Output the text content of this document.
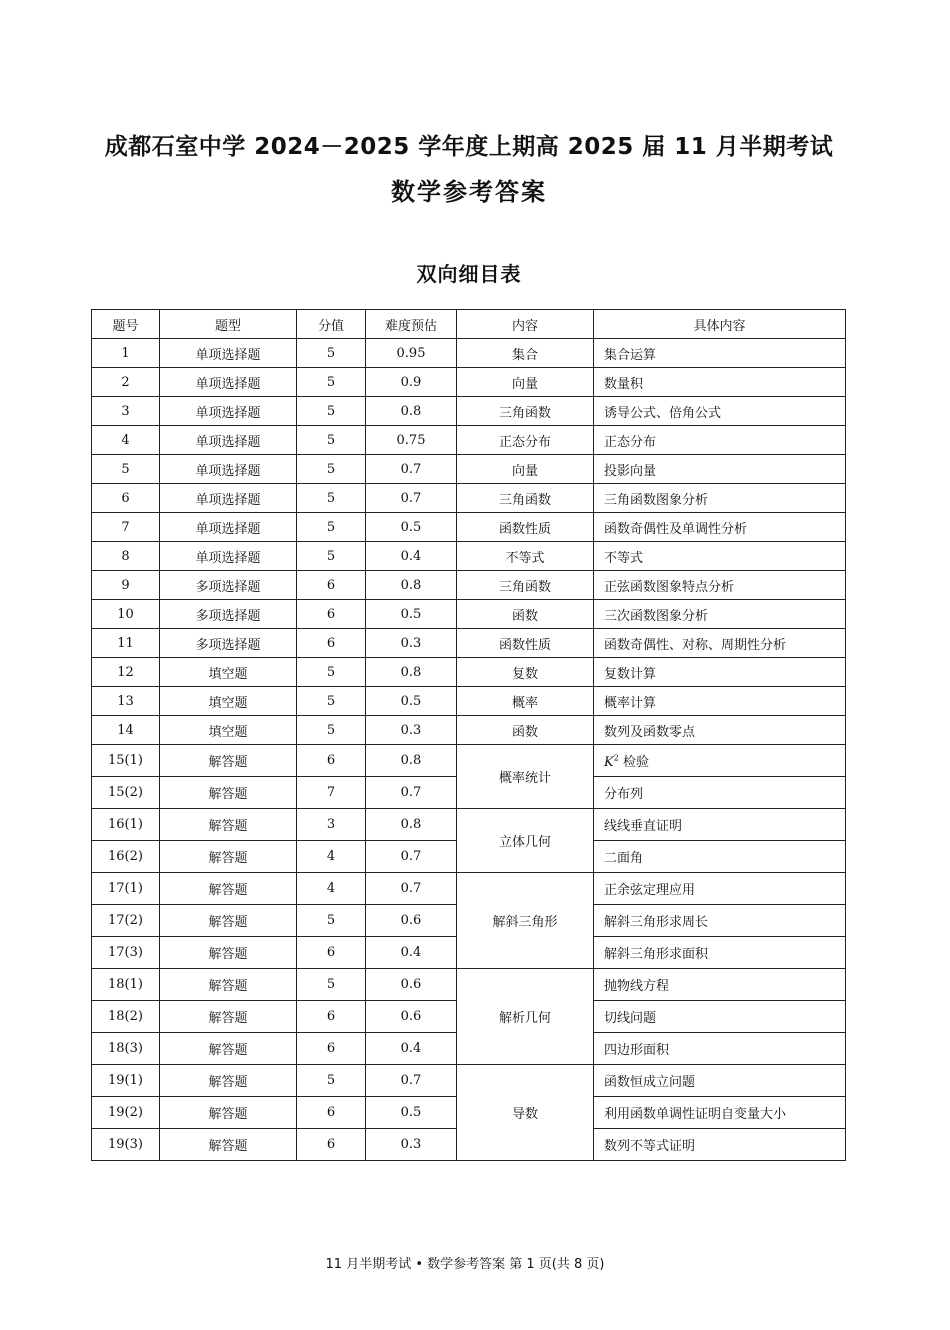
成都石室中学 2024－2025 学年度上期高 2025 届 11 月半期考试
数学参考答案
双向细目表
题号	题型	分值	难度预估	内容	具体内容
1	单项选择题	5	0.95	集合	集合运算
2	单项选择题	5	0.9	向量	数量积
3	单项选择题	5	0.8	三角函数	诱导公式、倍角公式
4	单项选择题	5	0.75	正态分布	正态分布
5	单项选择题	5	0.7	向量	投影向量
6	单项选择题	5	0.7	三角函数	三角函数图象分析
7	单项选择题	5	0.5	函数性质	函数奇偶性及单调性分析
8	单项选择题	5	0.4	不等式	不等式
9	多项选择题	6	0.8	三角函数	正弦函数图象特点分析
10	多项选择题	6	0.5	函数	三次函数图象分析
11	多项选择题	6	0.3	函数性质	函数奇偶性、对称、周期性分析
12	填空题	5	0.8	复数	复数计算
13	填空题	5	0.5	概率	概率计算
14	填空题	5	0.3	函数	数列及函数零点
15(1)	解答题	6	0.8	概率统计	$K^2$ 检验
15(2)	解答题	7	0.7		分布列
16(1)	解答题	3	0.8	立体几何	线线垂直证明
16(2)	解答题	4	0.7		二面角
17(1)	解答题	4	0.7	解斜三角形	正余弦定理应用
17(2)	解答题	5	0.6		解斜三角形求周长
17(3)	解答题	6	0.4		解斜三角形求面积
18(1)	解答题	5	0.6	解析几何	抛物线方程
18(2)	解答题	6	0.6		切线问题
18(3)	解答题	6	0.4		四边形面积
19(1)	解答题	5	0.7	导数	函数恒成立问题
19(2)	解答题	6	0.5		利用函数单调性证明自变量大小
19(3)	解答题	6	0.3		数列不等式证明
11 月半期考试 • 数学参考答案 第 1 页(共 8 页)
